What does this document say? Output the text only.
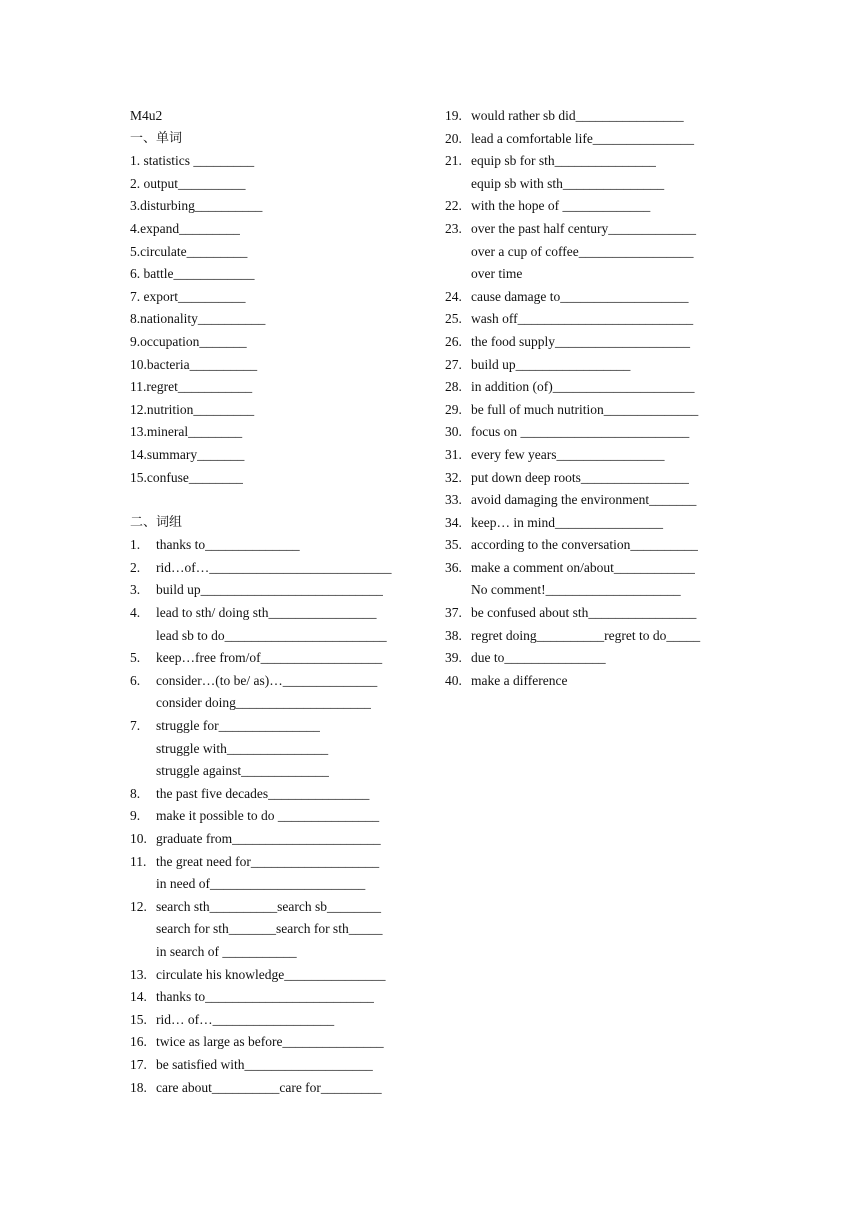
M4u2
一、单词
1. statistics _________
2. output__________
3.disturbing__________
4.expand_________
5.circulate_________
6. battle____________
7. export__________
8.nationality__________
9.occupation_______
10.bacteria__________
11.regret___________
12.nutrition_________
13.mineral________
14.summary_______
15.confuse________
二、词组
1. thanks to______________
2. rid…of…___________________________
3. build up___________________________
4. lead to sth/ doing sth________________
lead sb to do________________________
5. keep…free from/of__________________
6. consider…(to be/ as)…______________
consider doing____________________
7. struggle for_______________
struggle with_______________
struggle against_____________
8. the past five decades_______________
9. make it possible to do _______________
10. graduate from______________________
11. the great need for___________________
in need of_______________________
12. search sth__________search sb________
search for sth_______search for sth_____
in search of ___________
13. circulate his knowledge_______________
14. thanks to_________________________
15. rid… of…__________________
16. twice as large as before_______________
17. be satisfied with___________________
18. care about__________care for_________
19. would rather sb did________________
20. lead a comfortable life_______________
21. equip sb for sth_______________
equip sb with sth_______________
22. with the hope of _____________
23. over the past half century_____________
over a cup of coffee_________________
over time
24. cause damage to___________________
25. wash off__________________________
26. the food supply____________________
27. build up_________________
28. in addition (of)_____________________
29. be full of much nutrition______________
30. focus on _________________________
31. every few years________________
32. put down deep roots________________
33. avoid damaging the environment_______
34. keep… in mind________________
35. according to the conversation__________
36. make a comment on/about____________
No comment!____________________
37. be confused about sth________________
38. regret doing__________regret to do_____
39. due to_______________
40. make a difference
